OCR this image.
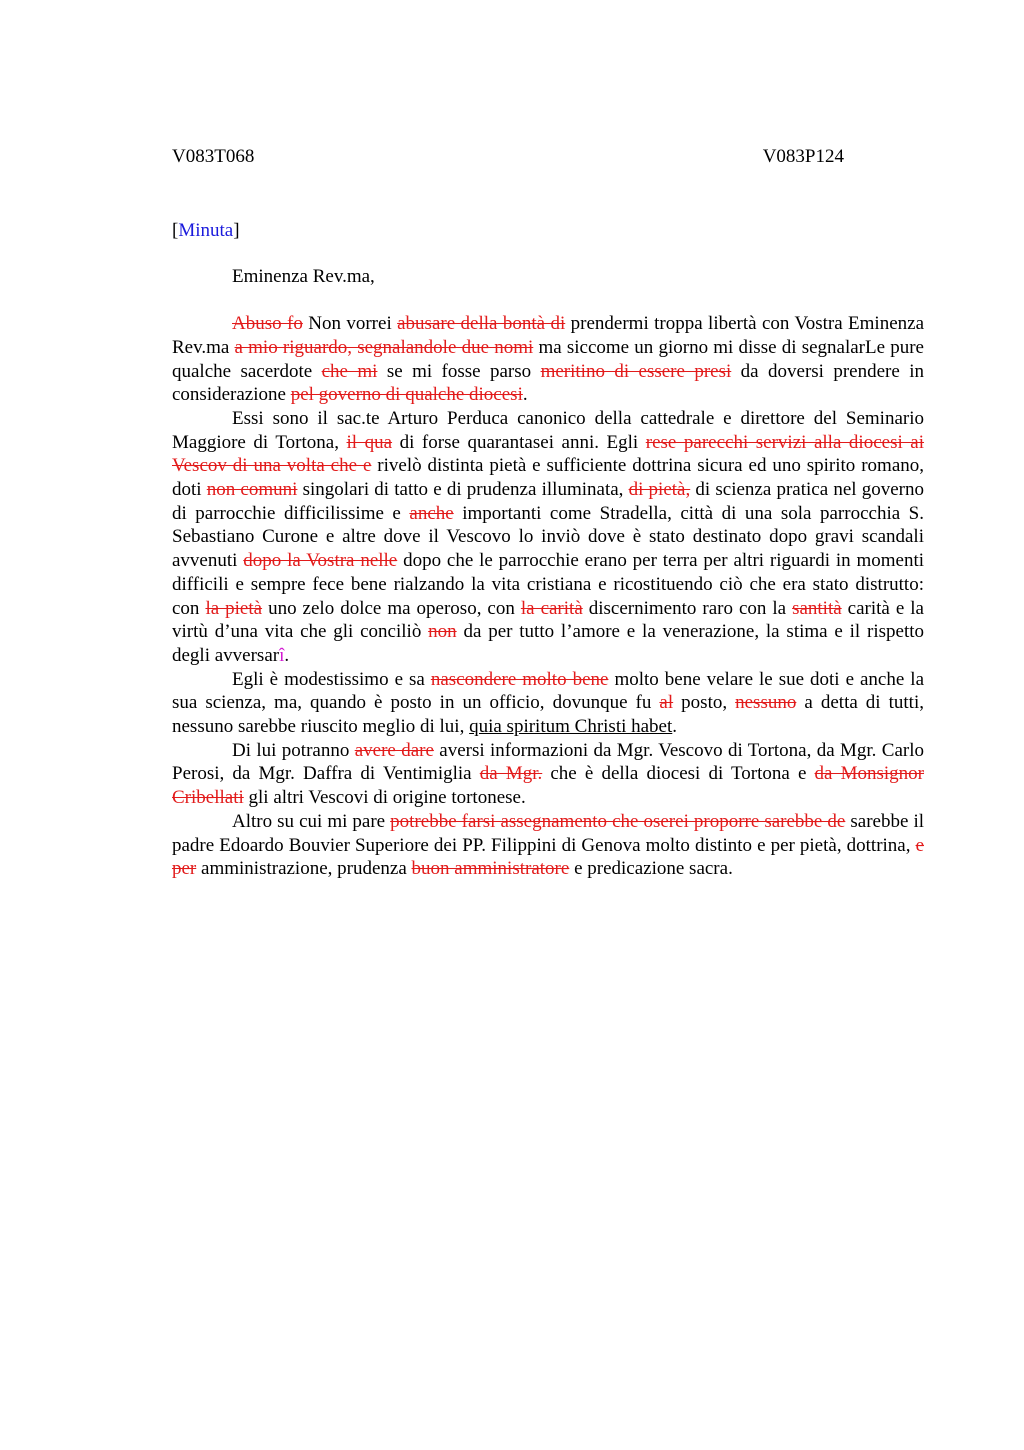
V083T068	V083P124
[Minuta]
Eminenza Rev.ma,

Abuso fo Non vorrei abusare della bontà di prendermi troppa libertà con Vostra Eminenza Rev.ma a mio riguardo, segnalandole due nomi ma siccome un giorno mi disse di segnalarLe pure qualche sacerdote che mi se mi fosse parso meritino di essere presi da doversi prendere in considerazione pel governo di qualche diocesi.

Essi sono il sac.te Arturo Perduca canonico della cattedrale e direttore del Seminario Maggiore di Tortona, il qua di forse quarantasei anni. Egli rese parecchi servizi alla diocesi ai Vescov di una volta che e rivelò distinta pietà e sufficiente dottrina sicura ed uno spirito romano, doti non comuni singolari di tatto e di prudenza illuminata, di pietà, di scienza pratica nel governo di parrocchie difficilissime e anche importanti come Stradella, città di una sola parrocchia S. Sebastiano Curone e altre dove il Vescovo lo inviò dove è stato destinato dopo gravi scandali avvenuti dopo la Vostra nelle dopo che le parrocchie erano per terra per altri riguardi in momenti difficili e sempre fece bene rialzando la vita cristiana e ricostituendo ciò che era stato distrutto: con la pietà uno zelo dolce ma operoso, con la carità discernimento raro con la santità carità e la virtù d’una vita che gli conciliò non da per tutto l’amore e la venerazione, la stima e il rispetto degli avversarî.

Egli è modestissimo e sa nascondere molto bene molto bene velare le sue doti e anche la sua scienza, ma, quando è posto in un officio, dovunque fu al posto, nessuno a detta di tutti, nessuno sarebbe riuscito meglio di lui, quia spiritum Christi habet.

Di lui potranno avere dare aversi informazioni da Mgr. Vescovo di Tortona, da Mgr. Carlo Perosi, da Mgr. Daffra di Ventimiglia da Mgr. che è della diocesi di Tortona e da Monsignor Cribellati gli altri Vescovi di origine tortonese.

Altro su cui mi pare potrebbe farsi assegnamento che oserei proporre sarebbe de sarebbe il padre Edoardo Bouvier Superiore dei PP. Filippini di Genova molto distinto e per pietà, dottrina, e per amministrazione, prudenza buon amministratore e predicazione sacra.
